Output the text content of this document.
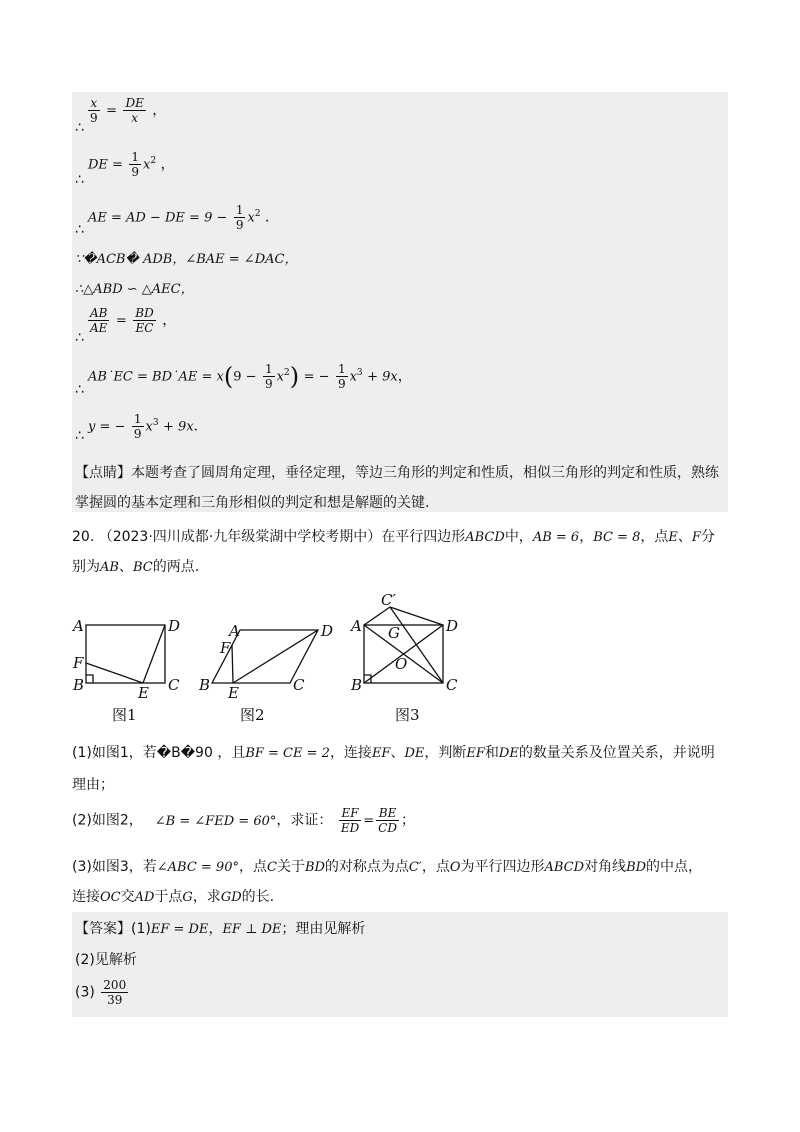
$\frac{x}{9} = \frac{DE}{x}$ ，
∴
DE = $\frac{1}{9} x^2$ ，
∴
AE = AD − DE = $9 - \frac{1}{9} x^2$ ．
∴
∵�ACB� ADB，∠BAE = ∠DAC，
∴△ABD ∽ △AEC，
$\frac{AB}{AE} = \frac{BD}{EC}$ ，
∴
AB˙EC = BD˙AE = $x(9 - \frac{1}{9} x^2)$ = − $\frac{1}{9} x^3 + 9x$，
∴
y = − $\frac{1}{9} x^3 + 9x$．
∴
【点睛】本题考查了圆周角定理，垂径定理，等边三角形的判定和性质，相似三角形的判定和性质，熟练
掌握圆的基本定理和三角形相似的判定和想是解题的关键.
20. （2023·四川成都·九年级棠湖中学校考期中）在平行四边形ABCD中，AB = 6，BC = 8，点E、F分
别为AB、BC的两点.
A	D
F
B	E C
图1
A
F
D
B E	C
图2
C′
A G	D
O
B	C
图3
(1)如图1，若�B�90 ，且BF = CE = 2，连接EF、DE，判断EF和DE的数量关系及位置关系，并说明
理由；
(2)如图2， ∠B = ∠FED = 60°，求证： $\frac{EF}{ED} = \frac{BE}{CD}$ ；
(3)如图3，若∠ABC = 90°，点C关于BD的对称点为点C′，点O为平行四边形ABCD对角线BD的中点，
连接OC交AD于点G，求GD的长.
【答案】(1)EF = DE，EF ⊥ DE；理由见解析
(2)见解析
$(3) \frac{200}{39}$
